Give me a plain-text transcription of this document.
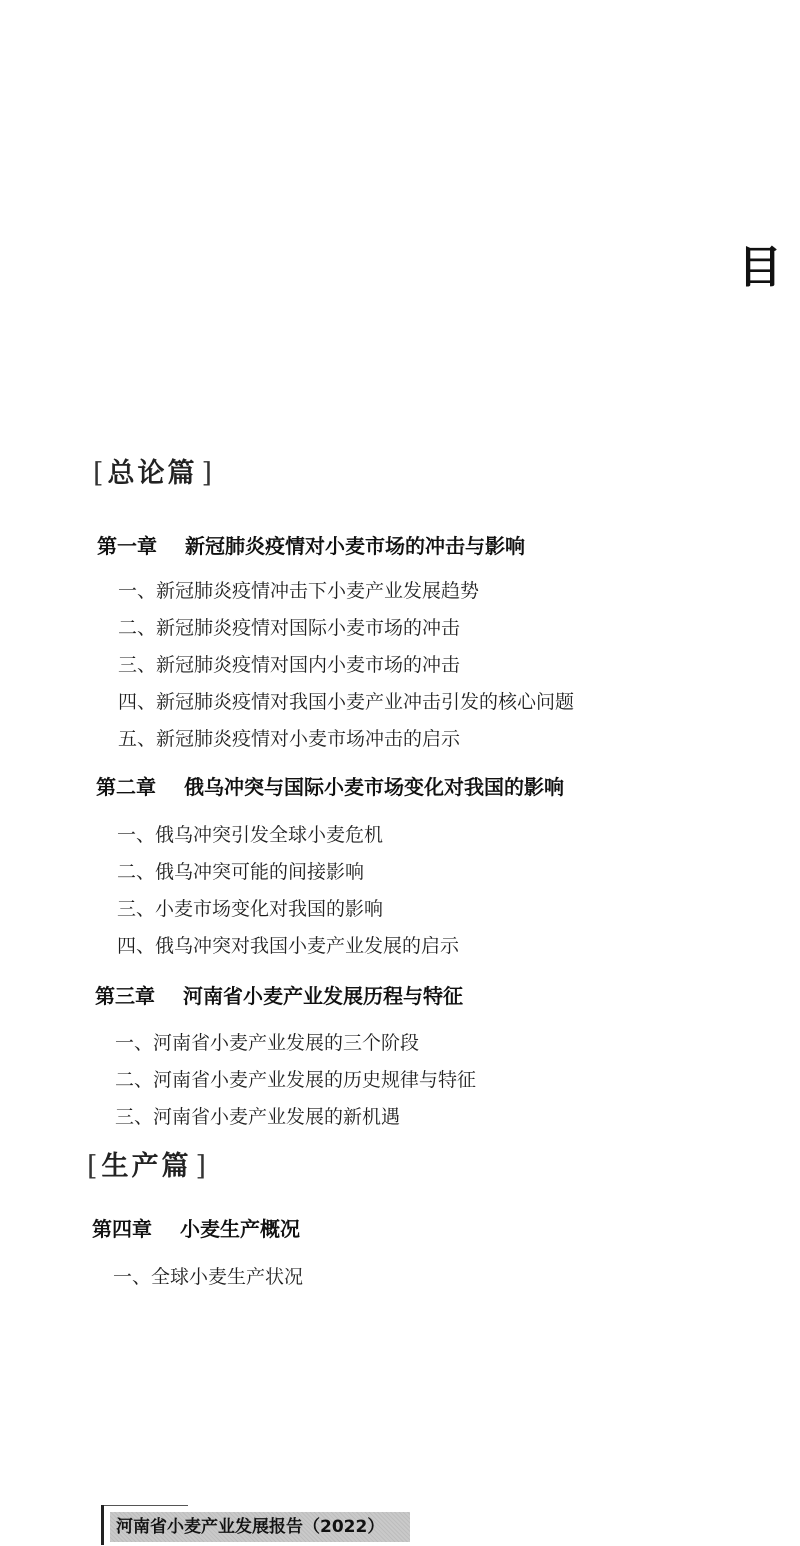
目
[ 总论篇 ]
第一章 新冠肺炎疫情对小麦市场的冲击与影响
一、新冠肺炎疫情冲击下小麦产业发展趋势
二、新冠肺炎疫情对国际小麦市场的冲击
三、新冠肺炎疫情对国内小麦市场的冲击
四、新冠肺炎疫情对我国小麦产业冲击引发的核心问题
五、新冠肺炎疫情对小麦市场冲击的启示
第二章 俄乌冲突与国际小麦市场变化对我国的影响
一、俄乌冲突引发全球小麦危机
二、俄乌冲突可能的间接影响
三、小麦市场变化对我国的影响
四、俄乌冲突对我国小麦产业发展的启示
第三章 河南省小麦产业发展历程与特征
一、河南省小麦产业发展的三个阶段
二、河南省小麦产业发展的历史规律与特征
三、河南省小麦产业发展的新机遇
[ 生产篇 ]
第四章 小麦生产概况
一、全球小麦生产状况
河南省小麦产业发展报告（2022）
